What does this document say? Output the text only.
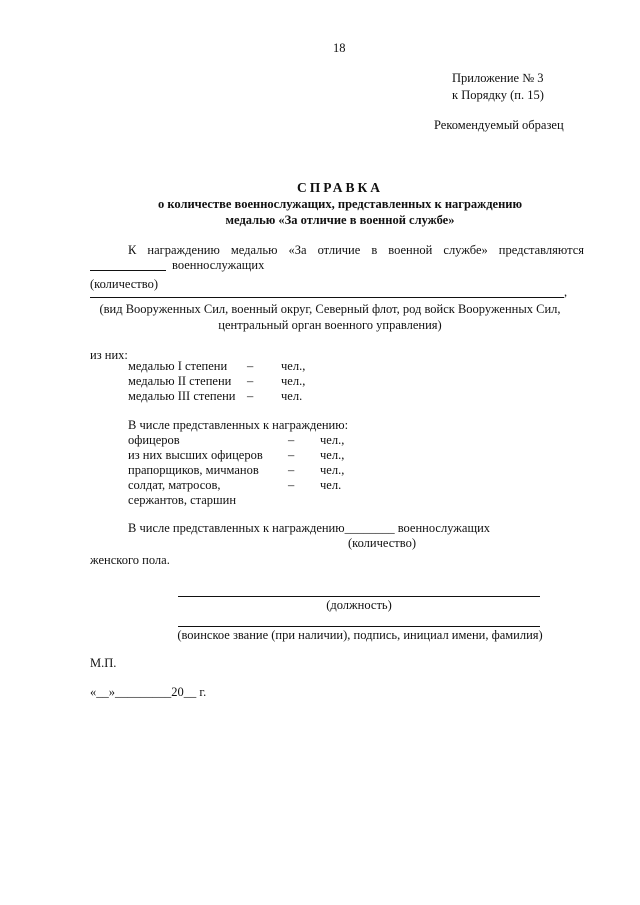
18
Приложение № 3
к Порядку (п. 15)
Рекомендуемый образец
СПРАВКА
о количестве военнослужащих, представленных к награждению
медалью «За отличие в военной службе»
К награждению медалью «За отличие в военной службе» представляются
военнослужащих
(количество)
,
(вид Вооруженных Сил, военный округ, Северный флот, род войск Вооруженных Сил,
центральный орган военного управления)
из них:
медалью I степени – чел.,
медалью II степени – чел.,
медалью III степени – чел.
В числе представленных к награждению:
офицеров	– чел.,
из них высших офицеров – чел.,
прапорщиков, мичманов – чел.,
солдат, матросов,	– чел.
сержантов, старшин
В числе представленных к награждению________ военнослужащих
(количество)
женского пола.
(должность)
(воинское звание (при наличии), подпись, инициал имени, фамилия)
М.П.
«__»_________20__ г.
